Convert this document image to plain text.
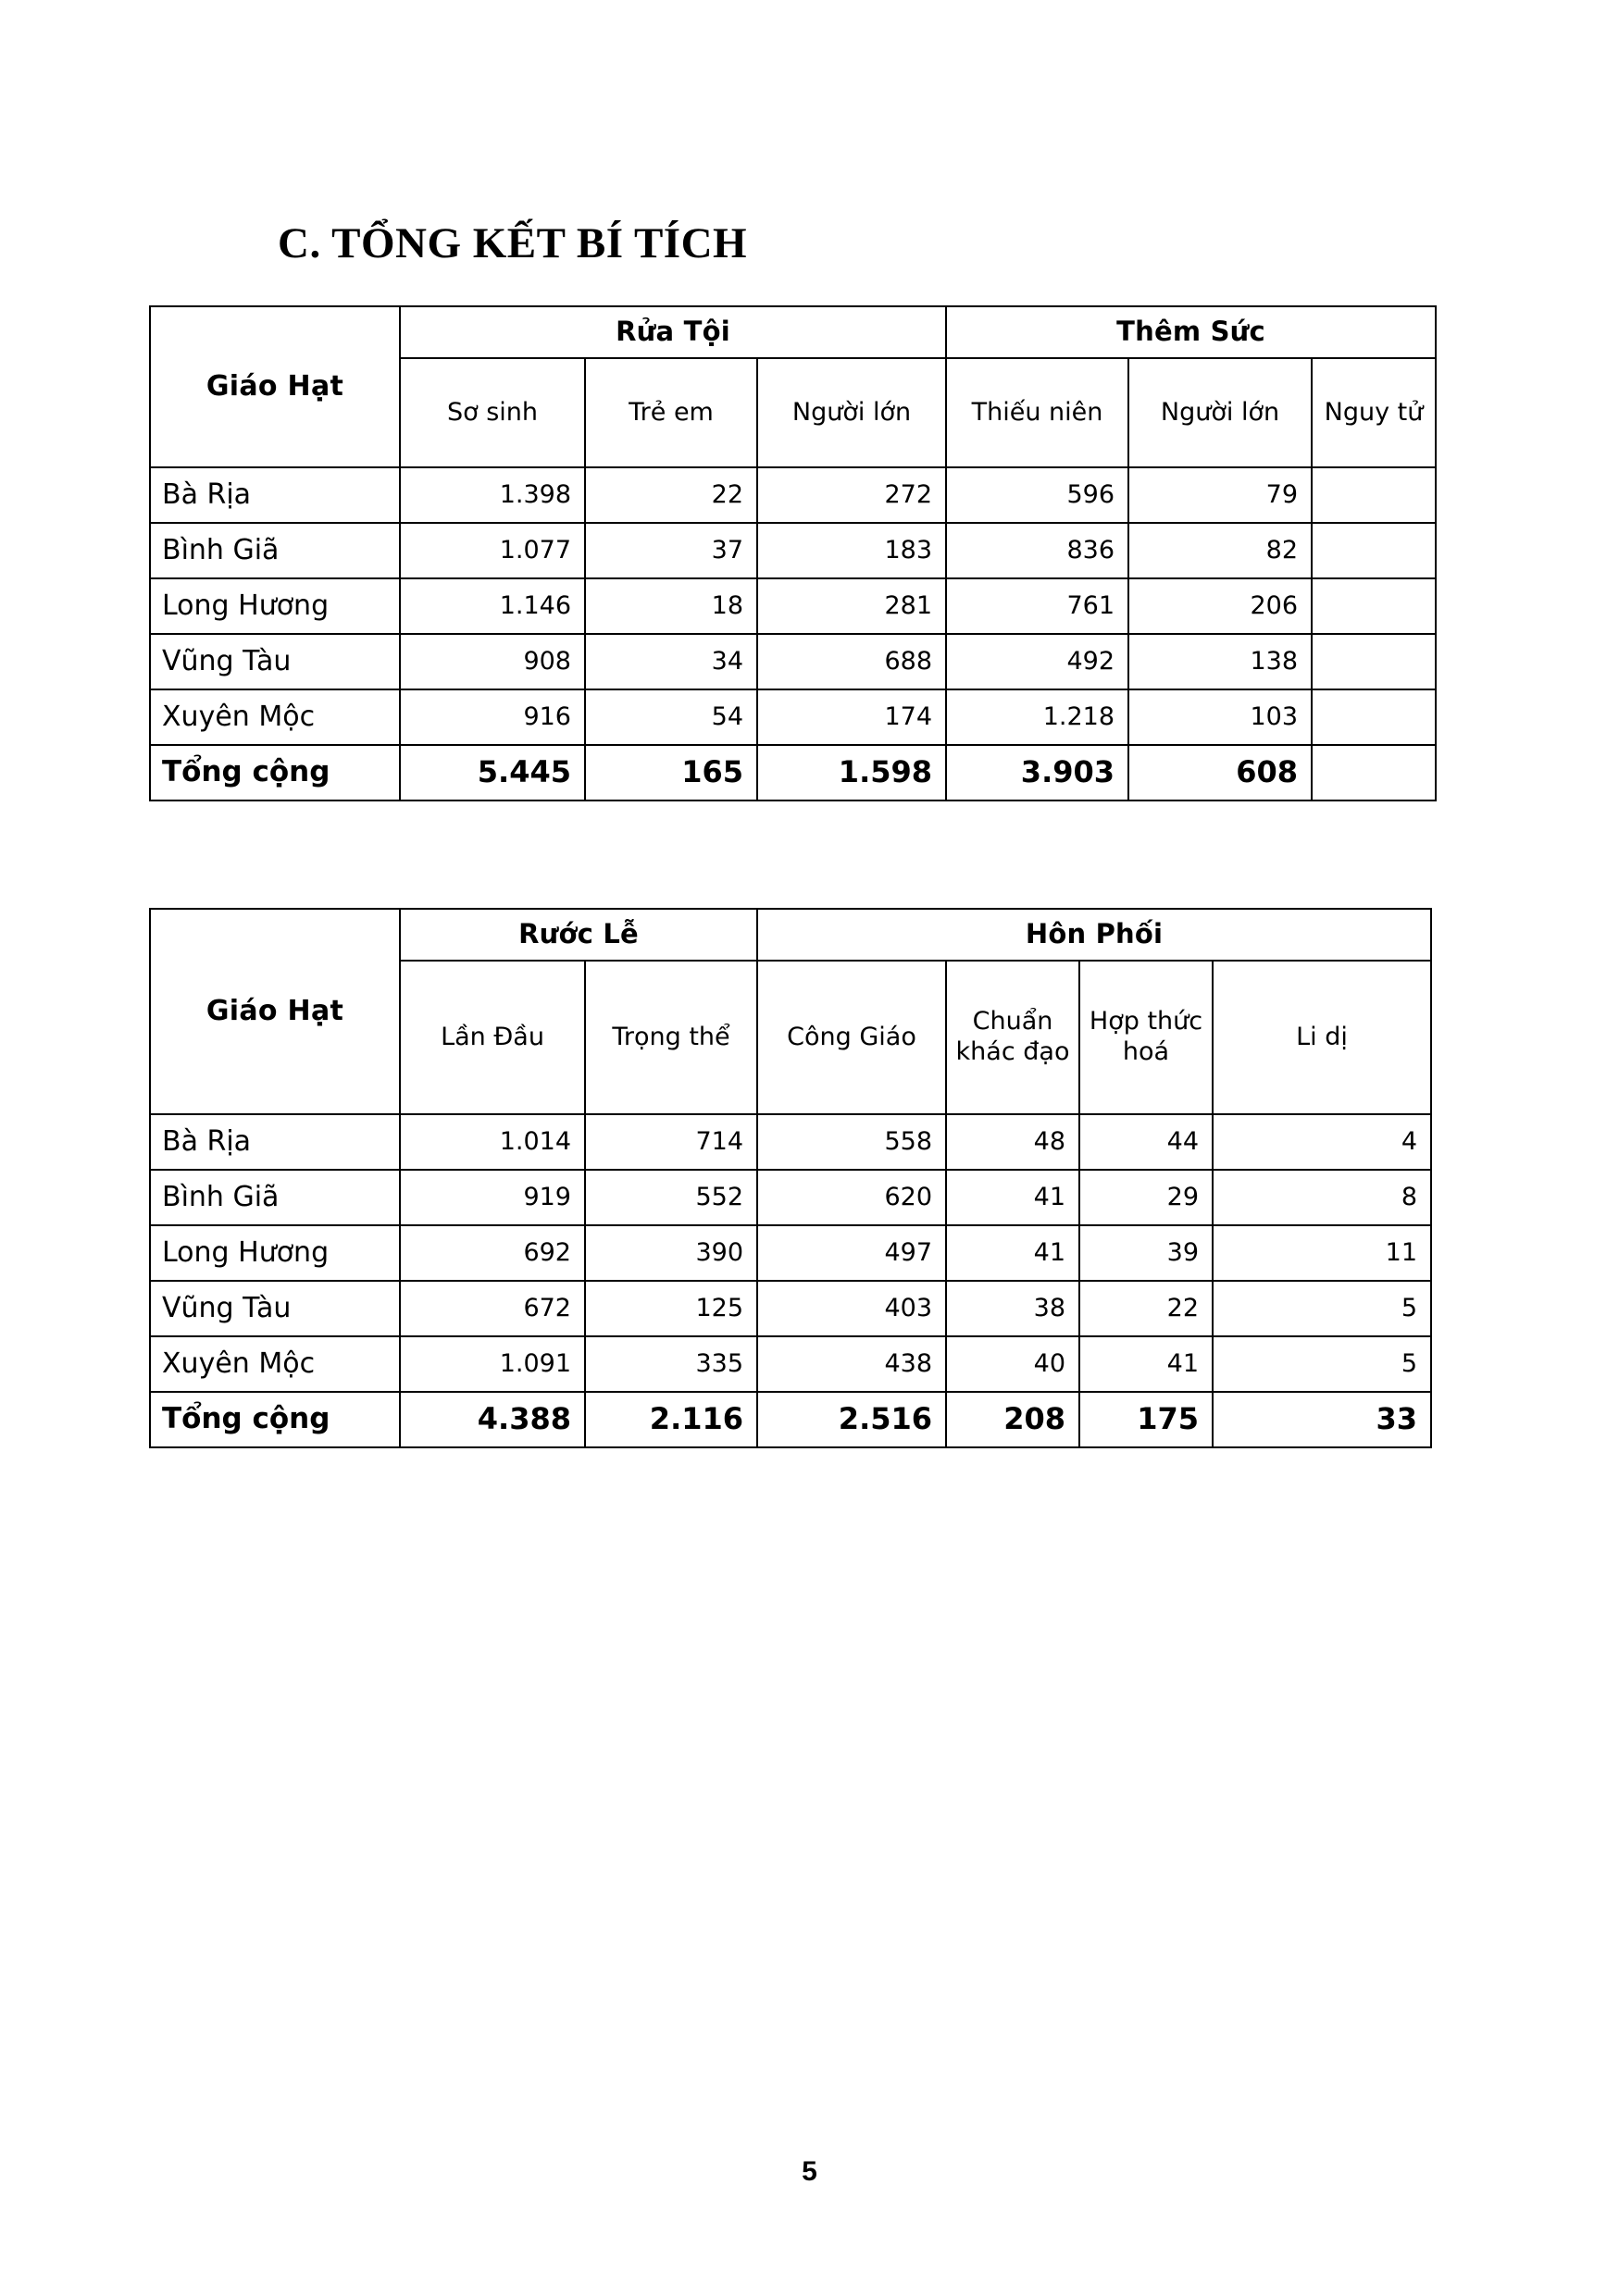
C. TỔNG KẾT BÍ TÍCH
Giáo Hạt	Rửa Tội			Thêm Sức		
	Sơ sinh	Trẻ em	Người lớn	Thiếu niên	Người lớn	Nguy tử
Bà Rịa	1.398	22	272	596	79	
Bình Giã	1.077	37	183	836	82	
Long Hương	1.146	18	281	761	206	
Vũng Tàu	908	34	688	492	138	
Xuyên Mộc	916	54	174	1.218	103	
Tổng cộng	5.445	165	1.598	3.903	608	
Giáo Hạt	Rước Lễ		Hôn Phối			
	Lần Đầu	Trọng thể	Công Giáo	Chuẩn khác đạo	Hợp thức hoá	Li dị
Bà Rịa	1.014	714	558	48	44	4
Bình Giã	919	552	620	41	29	8
Long Hương	692	390	497	41	39	11
Vũng Tàu	672	125	403	38	22	5
Xuyên Mộc	1.091	335	438	40	41	5
Tổng cộng	4.388	2.116	2.516	208	175	33
5
